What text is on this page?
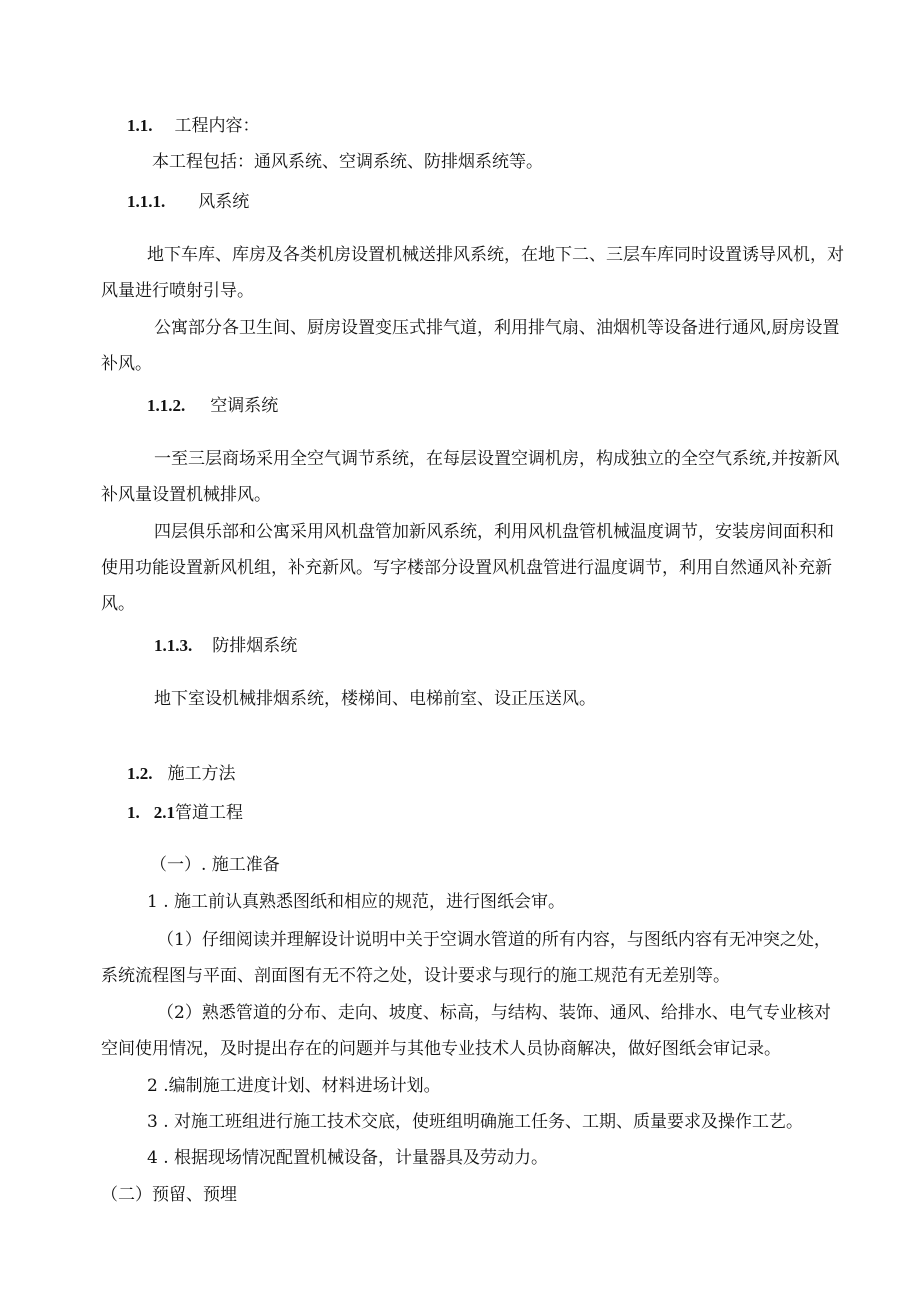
1.1. 工程内容：
本工程包括：通风系统、空调系统、防排烟系统等。
1.1.1. 风系统
地下车库、库房及各类机房设置机械送排风系统，在地下二、三层车库同时设置诱导风机，对
风量进行喷射引导。
公寓部分各卫生间、厨房设置变压式排气道，利用排气扇、油烟机等设备进行通风,厨房设置
补风。
1.1.2. 空调系统
一至三层商场采用全空气调节系统，在每层设置空调机房，构成独立的全空气系统,并按新风
补风量设置机械排风。
四层俱乐部和公寓采用风机盘管加新风系统，利用风机盘管机械温度调节，安装房间面积和
使用功能设置新风机组，补充新风。写字楼部分设置风机盘管进行温度调节，利用自然通风补充新
风。
1.1.3. 防排烟系统
地下室设机械排烟系统，楼梯间、电梯前室、设正压送风。
1.2. 施工方法
1. 2.1管道工程
（一）. 施工准备
1 . 施工前认真熟悉图纸和相应的规范，进行图纸会审。
（1）仔细阅读并理解设计说明中关于空调水管道的所有内容，与图纸内容有无冲突之处，
系统流程图与平面、剖面图有无不符之处，设计要求与现行的施工规范有无差别等。
（2）熟悉管道的分布、走向、坡度、标高，与结构、装饰、通风、给排水、电气专业核对
空间使用情况，及时提出存在的问题并与其他专业技术人员协商解决，做好图纸会审记录。
2 .编制施工进度计划、材料进场计划。
3 . 对施工班组进行施工技术交底，使班组明确施工任务、工期、质量要求及操作工艺。
4 . 根据现场情况配置机械设备，计量器具及劳动力。
（二）预留、预埋
